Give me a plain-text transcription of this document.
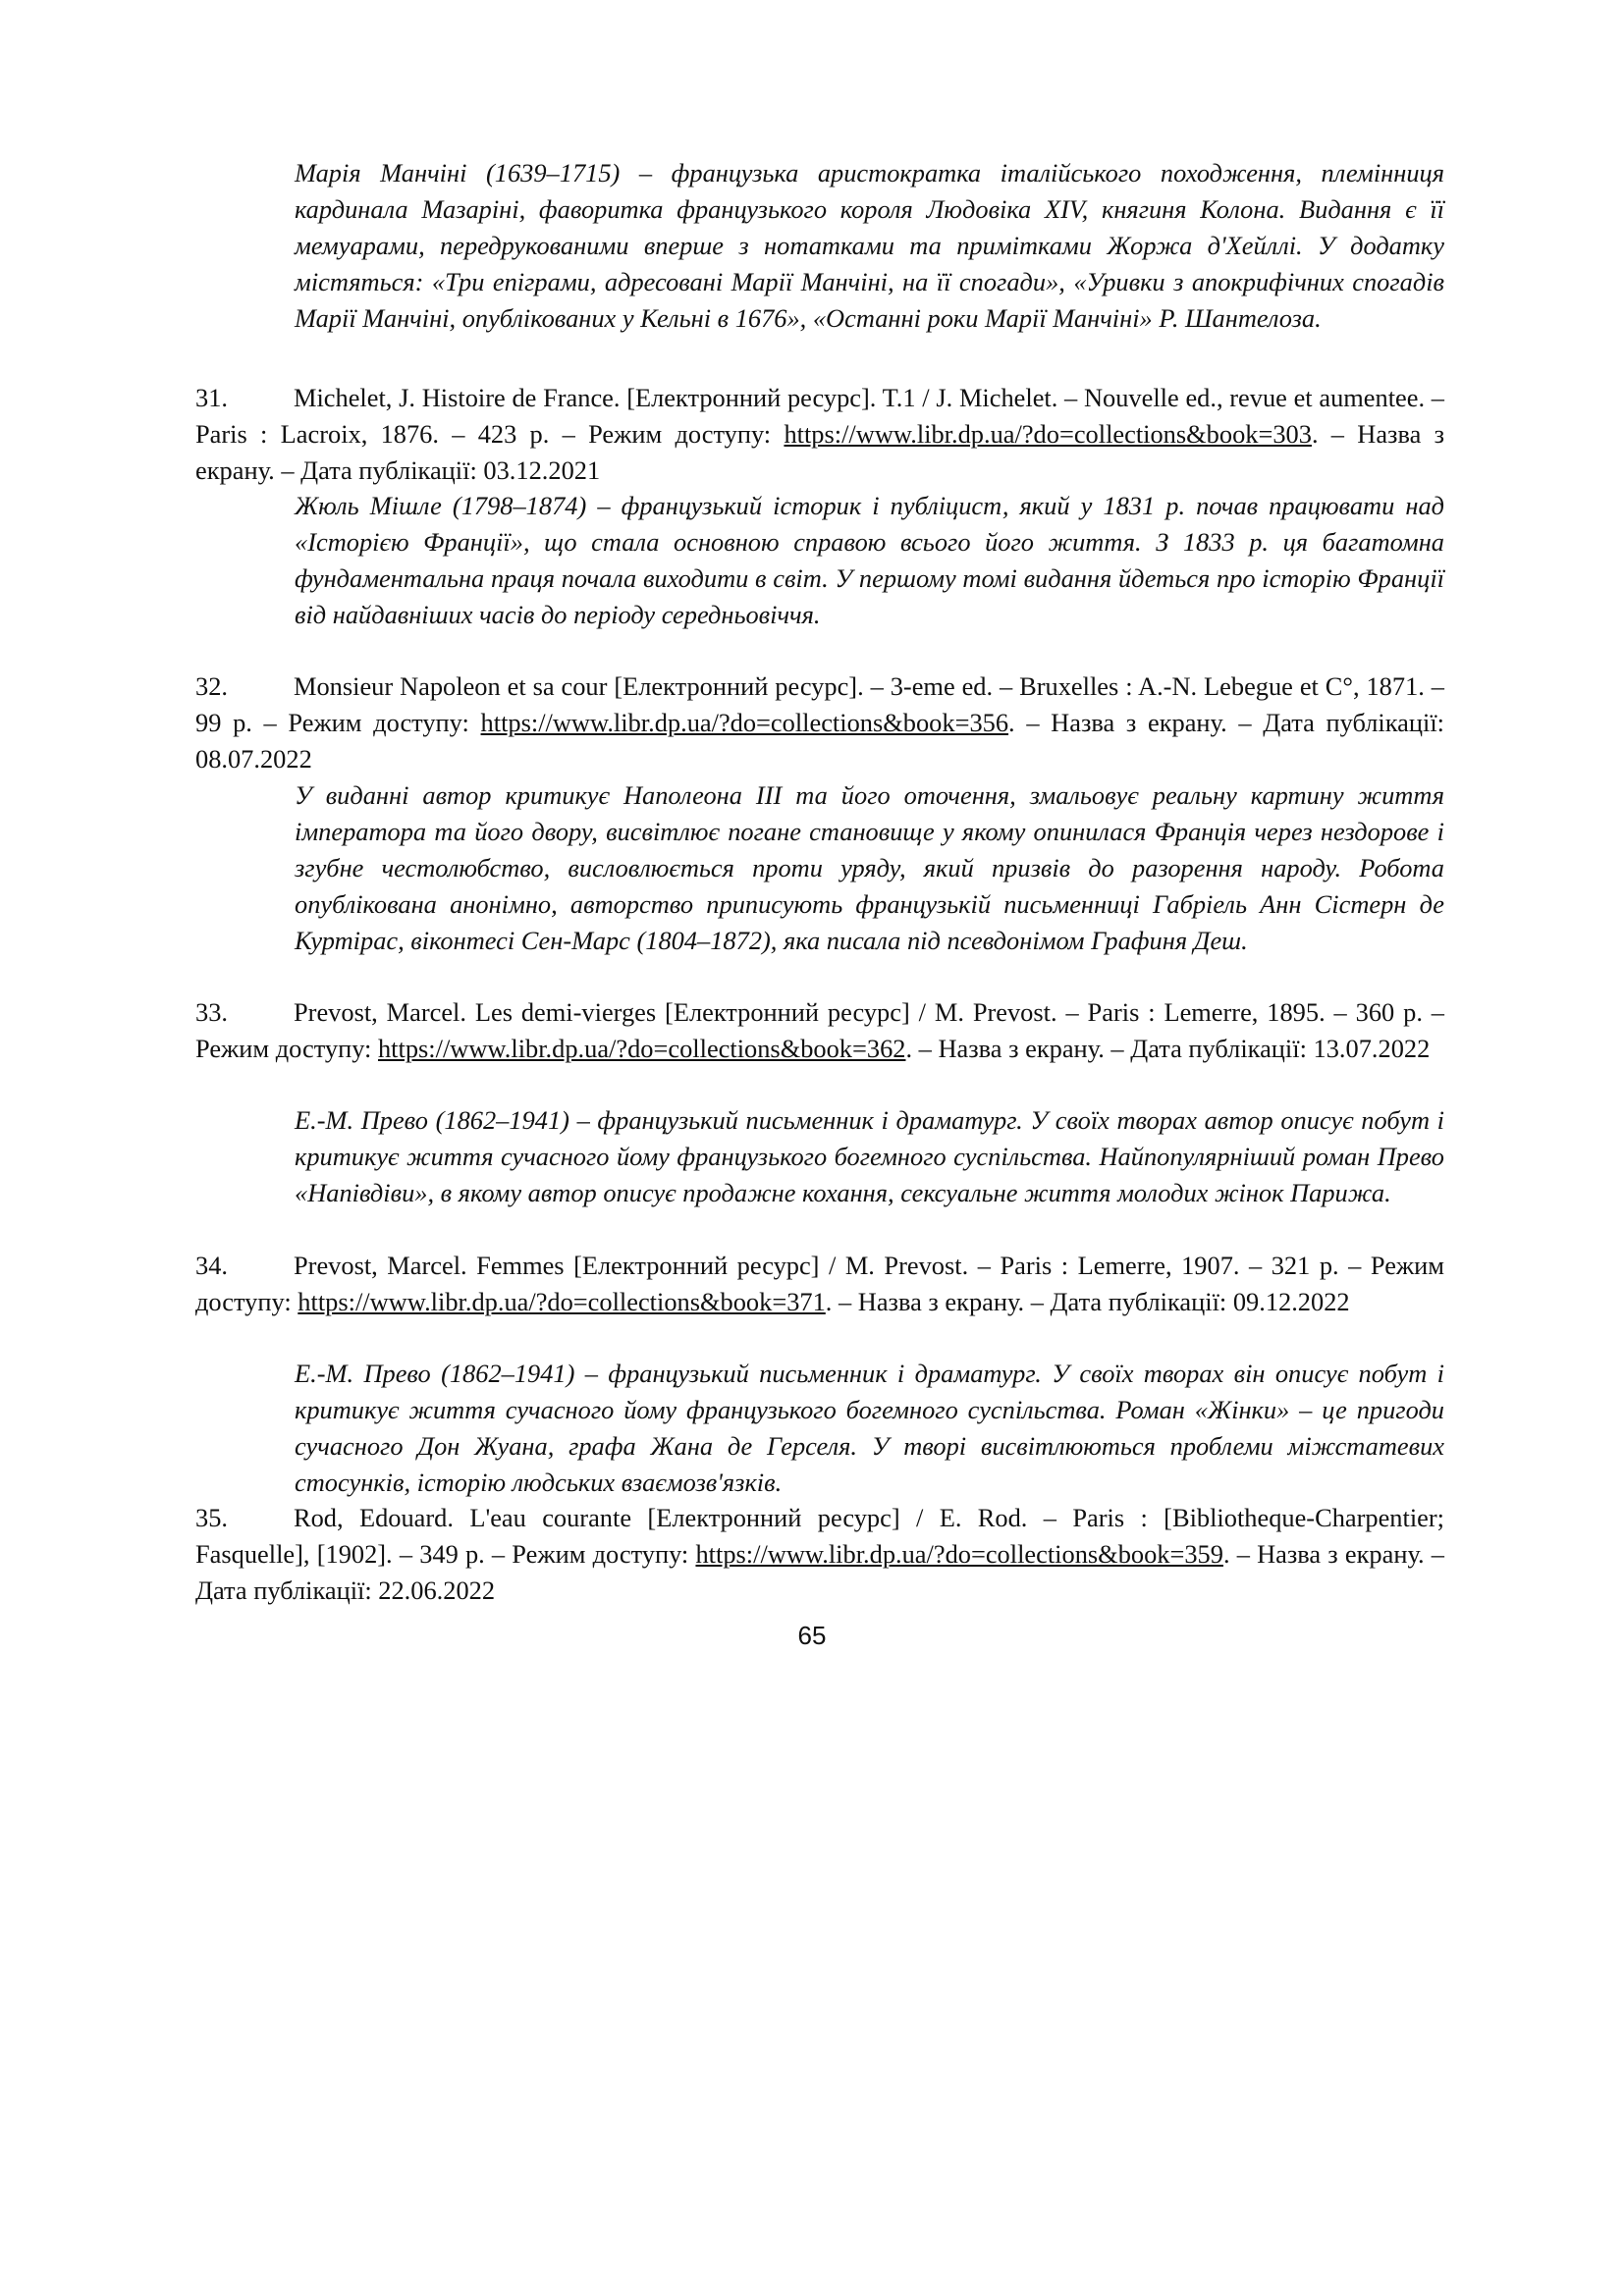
Марія Манчіні (1639–1715) – французька аристократка італійського походження, племінниця кардинала Мазаріні, фаворитка французького короля Людовіка XIV, княгиня Колона. Видання є її мемуарами, передрукованими вперше з нотатками та примітками Жоржа д'Хейллі. У додатку містяться: «Три епіграми, адресовані Марії Манчіні, на її спогади», «Уривки з апокрифічних спогадів Марії Манчіні, опублікованих у Кельні в 1676», «Останні роки Марії Манчіні» Р. Шантелоза.

31.	Michelet, J. Histoire de France. [Електронний ресурс]. T.1 / J. Michelet. – Nouvelle ed., revue et aumentee. – Paris : Lacroix, 1876. – 423 p. – Режим доступу: https://www.libr.dp.ua/?do=collections&book=303. – Назва з екрану. – Дата публікації: 03.12.2021

Жюль Мішле (1798–1874) – французький історик і публіцист, який у 1831 р. почав працювати над «Історією Франції», що стала основною справою всього його життя. З 1833 р. ця багатомна фундаментальна праця почала виходити в світ. У першому томі видання йдеться про історію Франції від найдавніших часів до періоду середньовіччя.

32.	Monsieur Napoleon et sa cour [Електронний ресурс]. – 3-eme ed. – Bruxelles : A.-N. Lebegue et C°, 1871. – 99 p. – Режим доступу: https://www.libr.dp.ua/?do=collections&book=356. – Назва з екрану. – Дата публікації: 08.07.2022

У виданні автор критикує Наполеона III та його оточення, змальовує реальну картину життя імператора та його двору, висвітлює погане становище у якому опинилася Франція через нездорове і згубне честолюбство, висловлюється проти уряду, який призвів до разорення народу. Робота опублікована анонімно, авторство приписують французькій письменниці Габріель Анн Сістерн де Куртірас, віконтесі Сен-Марс (1804–1872), яка писала під псевдонімом Графиня Деш.

33.	Prevost, Marcel. Les demi-vierges [Електронний ресурс] / M. Prevost. – Paris : Lemerre, 1895. – 360 p. – Режим доступу: https://www.libr.dp.ua/?do=collections&book=362. – Назва з екрану. – Дата публікації: 13.07.2022

Е.-М. Прево (1862–1941) – французький письменник і драматург. У своїх творах автор описує побут і критикує життя сучасного йому французького богемного суспільства. Найпопулярніший роман Прево «Напівдіви», в якому автор описує продажне кохання, сексуальне життя молодих жінок Парижа.

34.	Prevost, Marcel. Femmes [Електронний ресурс] / M. Prevost. – Paris : Lemerre, 1907. – 321 p. – Режим доступу: https://www.libr.dp.ua/?do=collections&book=371. – Назва з екрану. – Дата публікації: 09.12.2022

Е.-М. Прево (1862–1941) – французький письменник і драматург. У своїх творах він описує побут і критикує життя сучасного йому французького богемного суспільства. Роман «Жінки» – це пригоди сучасного Дон Жуана, графа Жана де Герселя. У творі висвітлюються проблеми міжстатевих стосунків, історію людських взаємозв'язків.

35.	Rod, Edouard. L'eau courante [Електронний ресурс] / E. Rod. – Paris : [Bibliotheque-Charpentier; Fasquelle], [1902]. – 349 p. – Режим доступу: https://www.libr.dp.ua/?do=collections&book=359. – Назва з екрану. – Дата публікації: 22.06.2022

65
